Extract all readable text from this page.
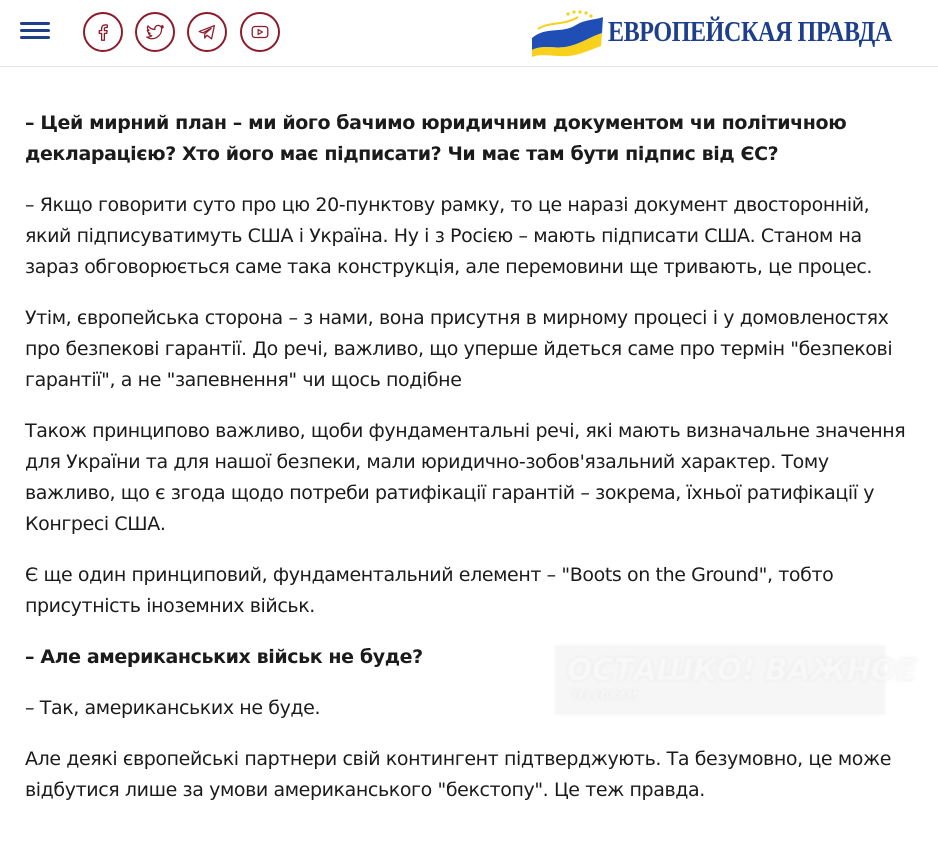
ЕВРОПЕЙСКАЯ ПРАВДА

– Цей мирний план – ми його бачимо юридичним документом чи політичною декларацією? Хто його має підписати? Чи має там бути підпис від ЄС?

– Якщо говорити суто про цю 20-пунктову рамку, то це наразі документ двосторонній, який підписуватимуть США і Україна. Ну і з Росією – мають підписати США. Станом на зараз обговорюється саме така конструкція, але перемовини ще тривають, це процес.

Утім, європейська сторона – з нами, вона присутня в мирному процесі і у домовленостях про безпекові гарантії. До речі, важливо, що уперше йдеться саме про термін "безпекові гарантії", а не "запевнення" чи щось подібне

Також принципово важливо, щоби фундаментальні речі, які мають визначальне значення для України та для нашої безпеки, мали юридично-зобов'язальний характер. Тому важливо, що є згода щодо потреби ратифікації гарантій – зокрема, їхньої ратифікації у Конгресі США.

Є ще один принциповий, фундаментальний елемент – "Boots on the Ground", тобто присутність іноземних військ.

– Але американських військ не буде?

– Так, американських не буде.

Але деякі європейські партнери свій контингент підтверджують. Та безумовно, це може відбутися лише за умови американського "бекстопу". Це теж правда.

ОСТАШКО! ВАЖНОЕ
TELEGRAM
